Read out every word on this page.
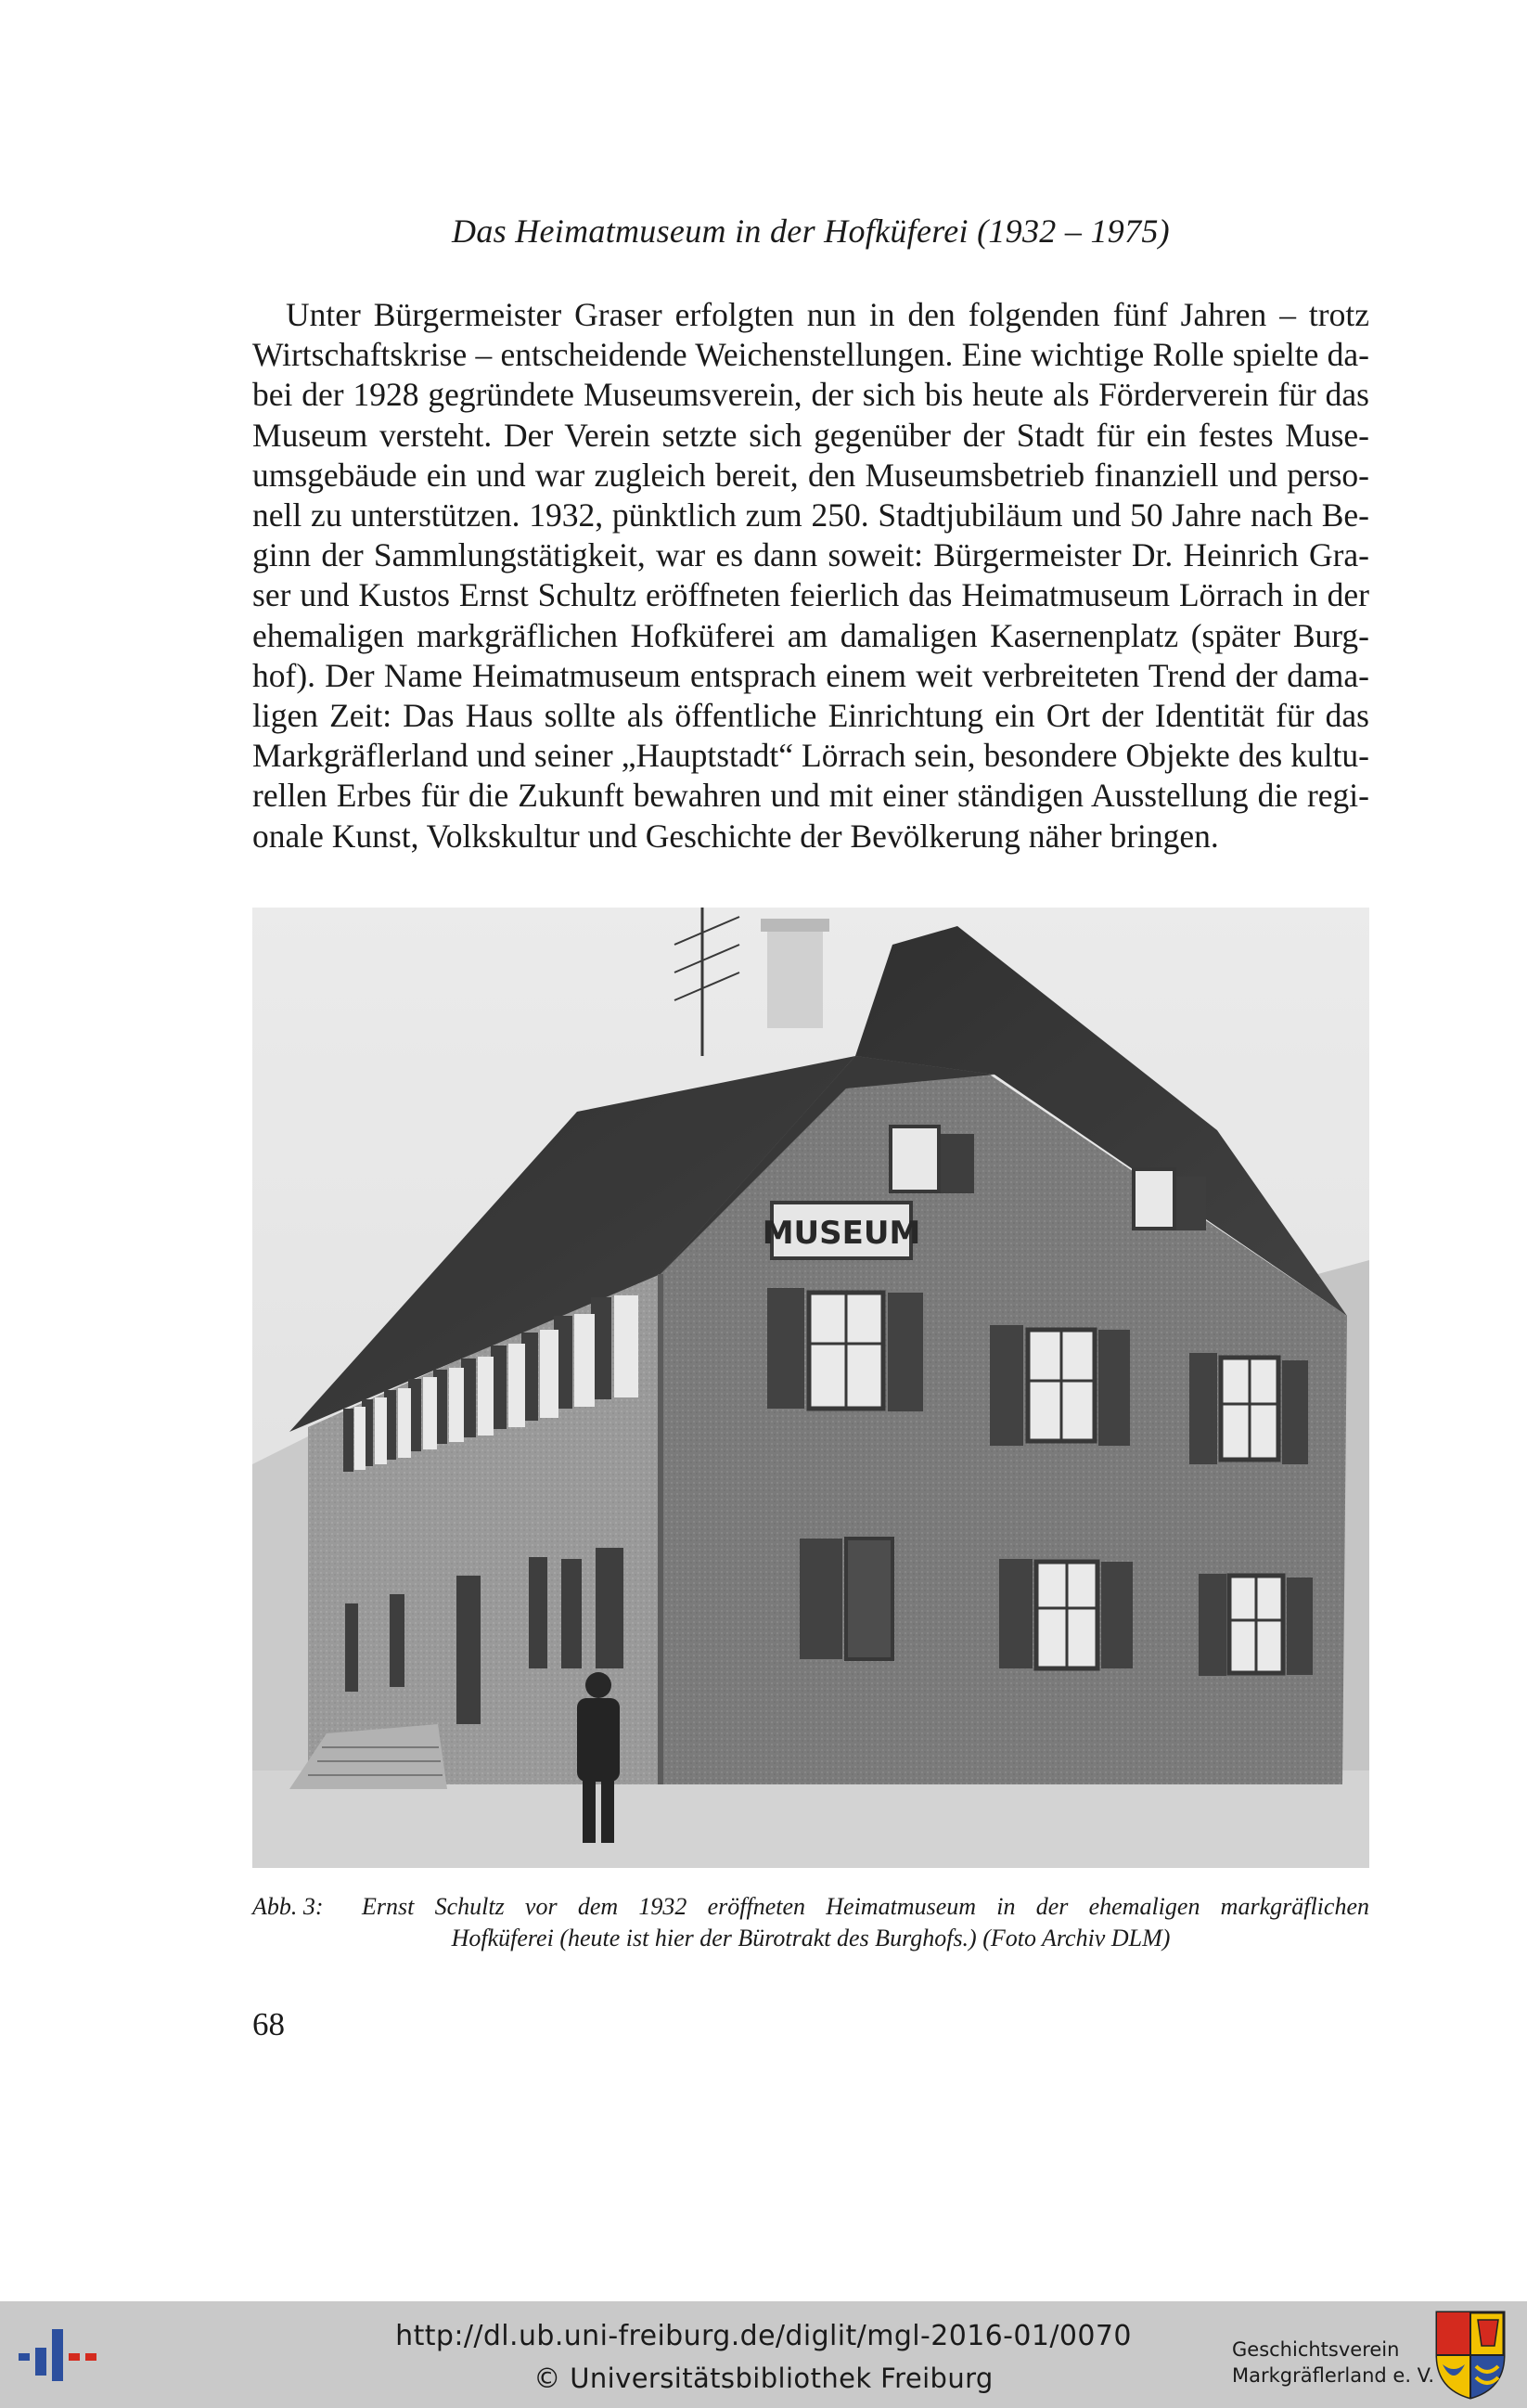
Das Heimatmuseum in der Hofküferei (1932 – 1975)
Unter Bürgermeister Graser erfolgten nun in den folgenden fünf Jahren – trotz
Wirtschaftskrise – entscheidende Weichenstellungen. Eine wichtige Rolle spielte da-
bei der 1928 gegründete Museumsverein, der sich bis heute als Förderverein für das
Museum versteht. Der Verein setzte sich gegenüber der Stadt für ein festes Muse-
umsgebäude ein und war zugleich bereit, den Museumsbetrieb finanziell und perso-
nell zu unterstützen. 1932, pünktlich zum 250. Stadtjubiläum und 50 Jahre nach Be-
ginn der Sammlungstätigkeit, war es dann soweit: Bürgermeister Dr. Heinrich Gra-
ser und Kustos Ernst Schultz eröffneten feierlich das Heimatmuseum Lörrach in der
ehemaligen markgräflichen Hofküferei am damaligen Kasernenplatz (später Burg-
hof). Der Name Heimatmuseum entsprach einem weit verbreiteten Trend der dama-
ligen Zeit: Das Haus sollte als öffentliche Einrichtung ein Ort der Identität für das
Markgräflerland und seiner „Hauptstadt“ Lörrach sein, besondere Objekte des kultu-
rellen Erbes für die Zukunft bewahren und mit einer ständigen Ausstellung die regi-
onale Kunst, Volkskultur und Geschichte der Bevölkerung näher bringen.
MUSEUM
Abb. 3: Ernst Schultz vor dem 1932 eröffneten Heimatmuseum in der ehemaligen markgräflichen
Hofküferei (heute ist hier der Bürotrakt des Burghofs.) (Foto Archiv DLM)
68
http://dl.ub.uni-freiburg.de/diglit/mgl-2016-01/0070
© Universitätsbibliothek Freiburg
Geschichtsverein
Markgräflerland e. V.
